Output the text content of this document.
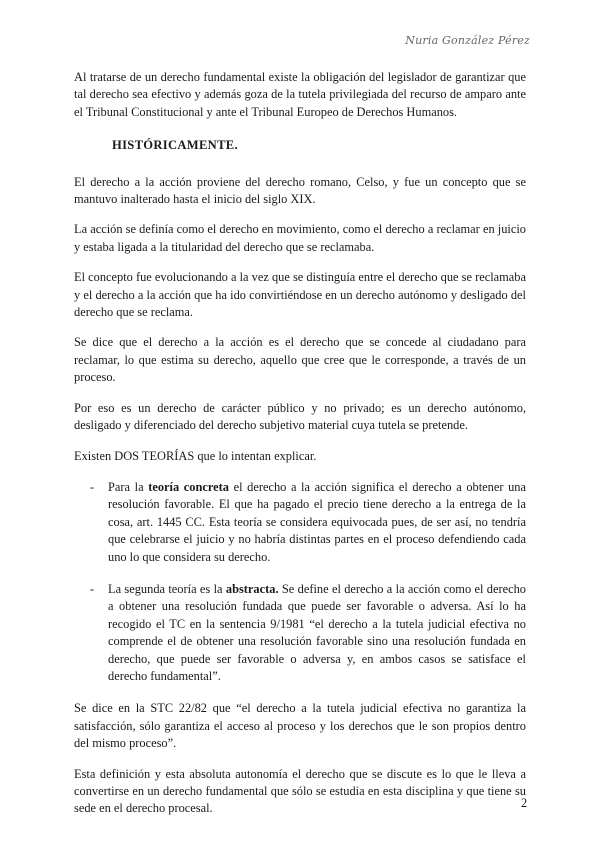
Nuria González Pérez

Al tratarse de un derecho fundamental existe la obligación del legislador de garantizar que tal derecho sea efectivo y además goza de la tutela privilegiada del recurso de amparo ante el Tribunal Constitucional y ante el Tribunal Europeo de Derechos Humanos.

HISTÓRICAMENTE.

El derecho a la acción proviene del derecho romano, Celso, y fue un concepto que se mantuvo inalterado hasta el inicio del siglo XIX.

La acción se definía como el derecho en movimiento, como el derecho a reclamar en juicio y estaba ligada a la titularidad del derecho que se reclamaba.

El concepto fue evolucionando a la vez que se distinguía entre el derecho que se reclamaba y el derecho a la acción que ha ido convirtiéndose en un derecho autónomo y desligado del derecho que se reclama.

Se dice que el derecho a la acción es el derecho que se concede al ciudadano para reclamar, lo que estima su derecho, aquello que cree que le corresponde, a través de un proceso.

Por eso es un derecho de carácter público y no privado; es un derecho autónomo, desligado y diferenciado del derecho subjetivo material cuya tutela se pretende.

Existen DOS TEORÍAS que lo intentan explicar.

- Para la teoría concreta el derecho a la acción significa el derecho a obtener una resolución favorable. El que ha pagado el precio tiene derecho a la entrega de la cosa, art. 1445 CC. Esta teoría se considera equivocada pues, de ser así, no tendría que celebrarse el juicio y no habría distintas partes en el proceso defendiendo cada uno lo que considera su derecho.
- La segunda teoría es la abstracta. Se define el derecho a la acción como el derecho a obtener una resolución fundada que puede ser favorable o adversa. Así lo ha recogido el TC en la sentencia 9/1981 “el derecho a la tutela judicial efectiva no comprende el de obtener una resolución favorable sino una resolución fundada en derecho, que puede ser favorable o adversa y, en ambos casos se satisface el derecho fundamental”.

Se dice en la STC 22/82 que “el derecho a la tutela judicial efectiva no garantiza la satisfacción, sólo garantiza el acceso al proceso y los derechos que le son propios dentro del mismo proceso”.

Esta definición y esta absoluta autonomía el derecho que se discute es lo que le lleva a convertirse en un derecho fundamental que sólo se estudia en esta disciplina y que tiene su sede en el derecho procesal.	2
